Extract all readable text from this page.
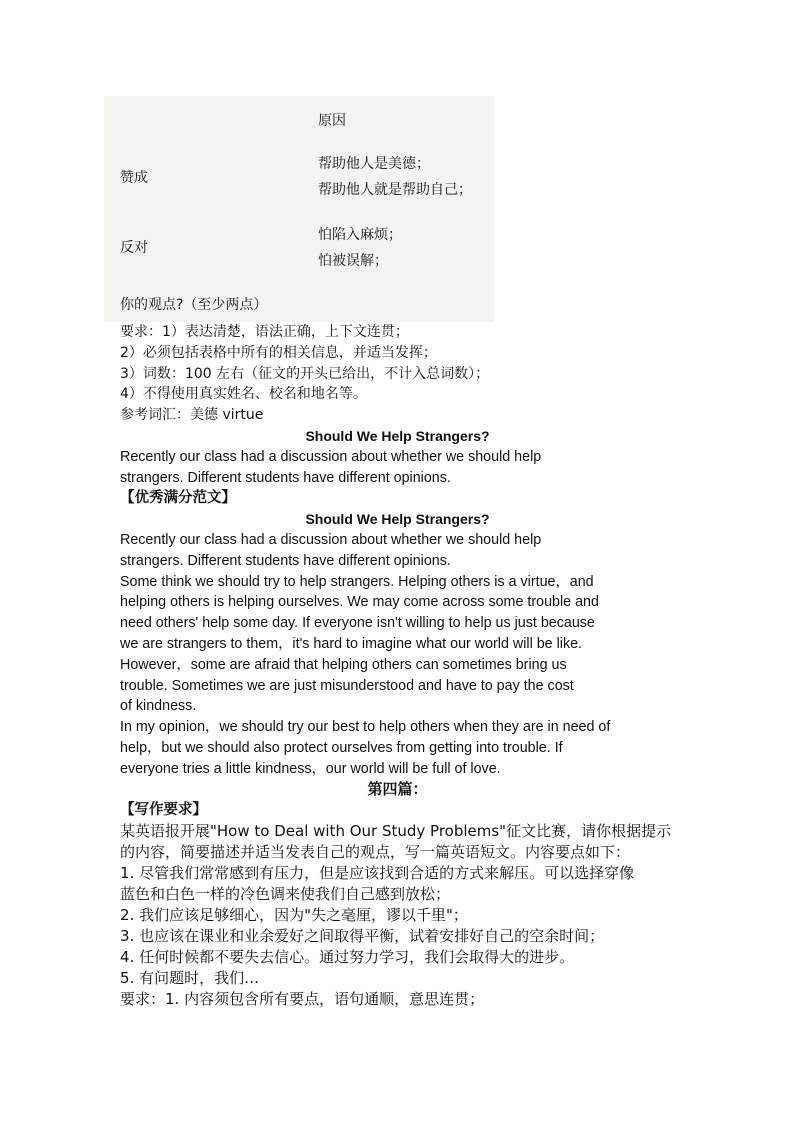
原因
赞成
帮助他人是美德；
帮助他人就是帮助自己；
反对
怕陷入麻烦；
怕被误解；
你的观点?（至少两点）
要求：1）表达清楚，语法正确，上下文连贯；
2）必须包括表格中所有的相关信息，并适当发挥；
3）词数：100 左右（征文的开头已给出，不计入总词数）；
4）不得使用真实姓名、校名和地名等。
参考词汇：美德 virtue
Should We Help Strangers?
Recently our class had a discussion about whether we should help
strangers. Different students have different opinions.
【优秀满分范文】
Should We Help Strangers?
Recently our class had a discussion about whether we should help
strangers. Different students have different opinions.
Some think we should try to help strangers. Helping others is a virtue，and
helping others is helping ourselves. We may come across some trouble and
need others' help some day. If everyone isn't willing to help us just because
we are strangers to them，it's hard to imagine what our world will be like.
However，some are afraid that helping others can sometimes bring us
trouble. Sometimes we are just misunderstood and have to pay the cost
of kindness.
In my opinion，we should try our best to help others when they are in need of
help，but we should also protect ourselves from getting into trouble. If
everyone tries a little kindness，our world will be full of love.
第四篇：
【写作要求】
某英语报开展"How to Deal with Our Study Problems"征文比赛，请你根据提示
的内容，简要描述并适当发表自己的观点，写一篇英语短文。内容要点如下：
1. 尽管我们常常感到有压力，但是应该找到合适的方式来解压。可以选择穿像
蓝色和白色一样的冷色调来使我们自己感到放松；
2. 我们应该足够细心，因为"失之毫厘，谬以千里"；
3. 也应该在课业和业余爱好之间取得平衡，试着安排好自己的空余时间；
4. 任何时候都不要失去信心。通过努力学习，我们会取得大的进步。
5. 有问题时，我们…
要求：1. 内容须包含所有要点，语句通顺，意思连贯；
